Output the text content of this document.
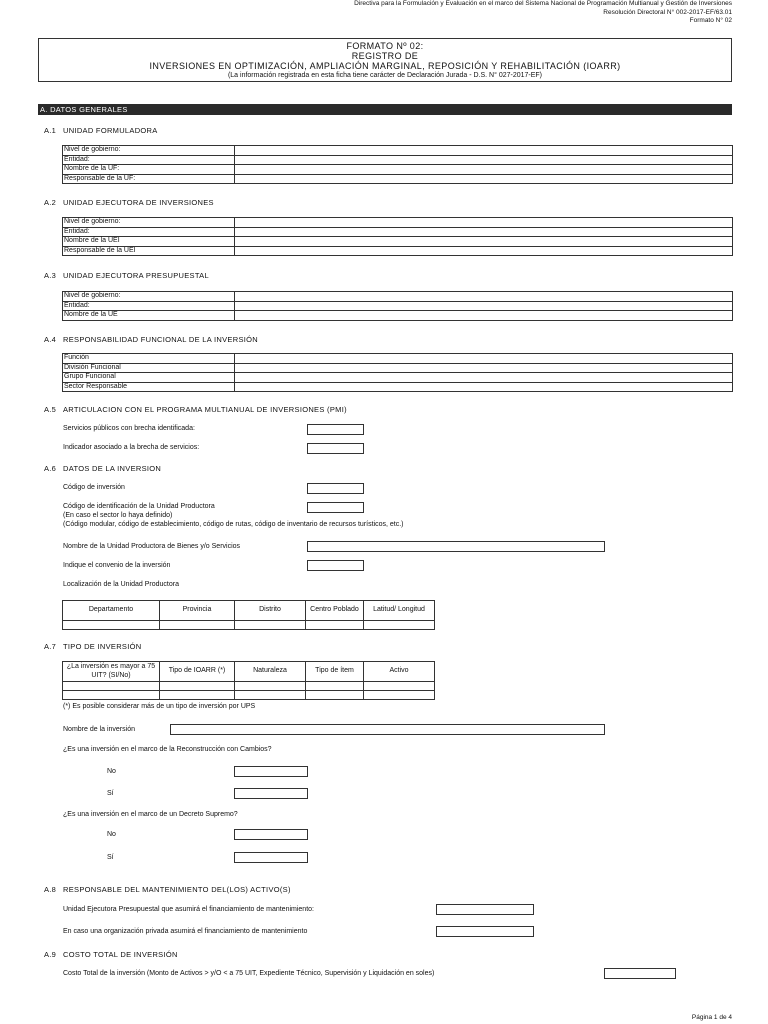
Directiva para la Formulación y Evaluación en el marco del Sistema Nacional de Programación Multianual y Gestión de Inversiones
Resolución Directoral N° 002-2017-EF/63.01
Formato N° 02
FORMATO Nº 02:
REGISTRO DE
INVERSIONES EN OPTIMIZACIÓN, AMPLIACIÓN MARGINAL, REPOSICIÓN Y REHABILITACIÓN (IOARR)
(La información registrada en esta ficha tiene carácter de Declaración Jurada - D.S. N° 027-2017-EF)
A. DATOS GENERALES
A.1 UNIDAD FORMULADORA
Nivel de gobierno:	
Entidad:	
Nombre de la UF:	
Responsable de la UF:	
A.2 UNIDAD EJECUTORA DE INVERSIONES
Nivel de gobierno:	
Entidad:	
Nombre de la UEI	
Responsable de la UEI	
A.3 UNIDAD EJECUTORA PRESUPUESTAL
Nivel de gobierno:	
Entidad:	
Nombre de la UE	
A.4 RESPONSABILIDAD FUNCIONAL DE LA INVERSIÓN
Función	
División Funcional	
Grupo Funcional	
Sector Responsable	
A.5 ARTICULACION CON EL PROGRAMA MULTIANUAL DE INVERSIONES (PMI)
Servicios públicos con brecha identificada:
Indicador asociado a la brecha de servicios:
A.6 DATOS DE LA INVERSION
Código de inversión
Código de identificación de la Unidad Productora
(En caso el sector lo haya definido)
(Código modular, código de establecimiento, código de rutas, código de inventario de recursos turísticos, etc.)
Nombre de la Unidad Productora de Bienes y/o Servicios
Indique el convenio de la inversión
Localización de la Unidad Productora
Departamento	Provincia	Distrito	Centro Poblado	Latitud/ Longitud

A.7 TIPO DE INVERSIÓN
¿La inversión es mayor a 75 UIT? (SI/No)	Tipo de IOARR (*)	Naturaleza	Tipo de ítem	Activo

(*) Es posible considerar más de un tipo de inversión por UPS
Nombre de la inversión
¿Es una inversión en el marco de la Reconstrucción con Cambios?
No
Sí
¿Es una inversión en el marco de un Decreto Supremo?
No
Sí
A.8 RESPONSABLE DEL MANTENIMIENTO DEL(LOS) ACTIVO(S)
Unidad Ejecutora Presupuestal que asumirá el financiamiento de mantenimiento:
En caso una organización privada asumirá el financiamiento de mantenimiento
A.9 COSTO TOTAL DE INVERSIÓN
Costo Total de la inversión (Monto de Activos > y/O < a 75 UIT, Expediente Técnico, Supervisión y Liquidación en soles)
Página 1 de 4
